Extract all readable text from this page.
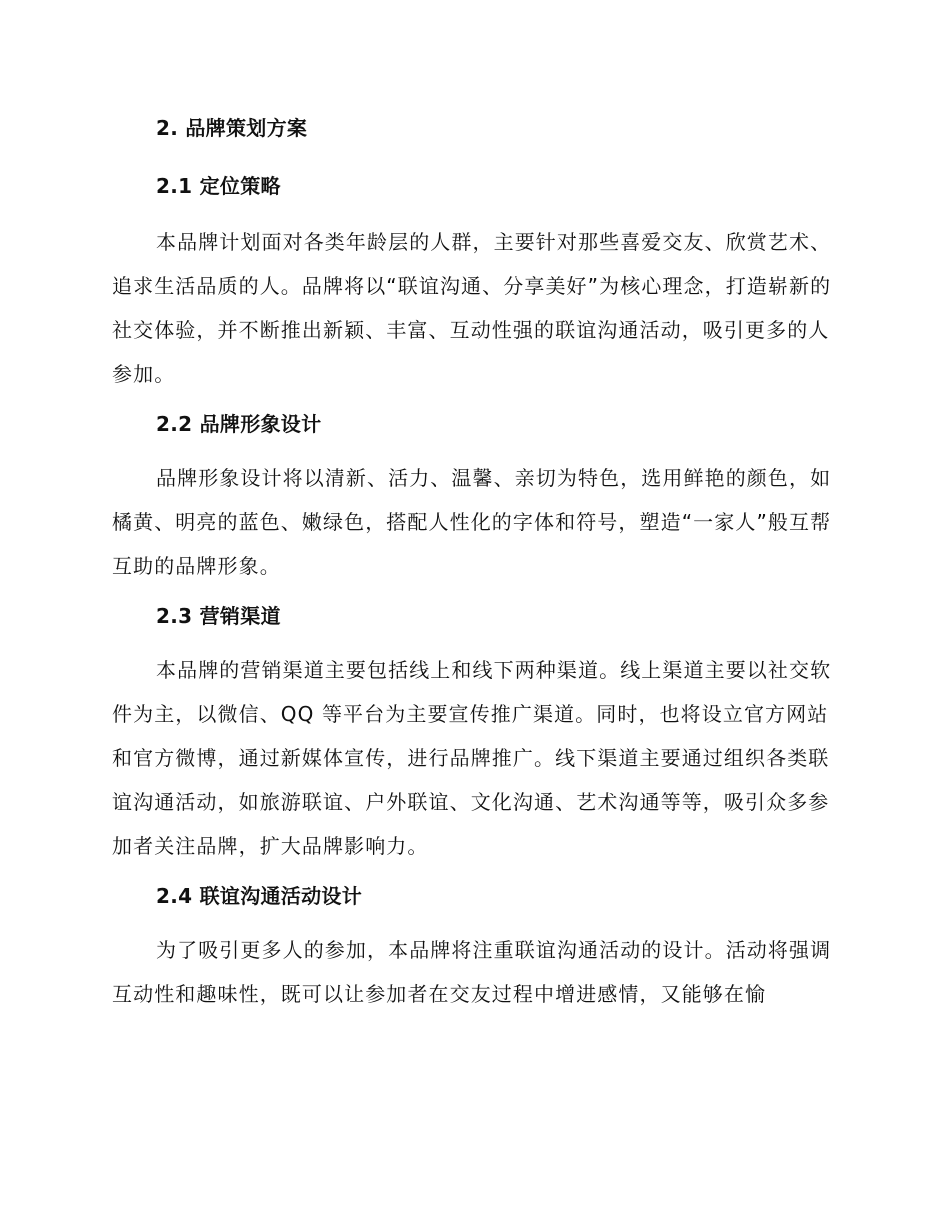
2. 品牌策划方案
2.1 定位策略

本品牌计划面对各类年龄层的人群，主要针对那些喜爱交友、欣赏艺术、追求生活品质的人。品牌将以“联谊沟通、分享美好”为核心理念，打造崭新的社交体验，并不断推出新颖、丰富、互动性强的联谊沟通活动，吸引更多的人参加。

2.2 品牌形象设计

品牌形象设计将以清新、活力、温馨、亲切为特色，选用鲜艳的颜色，如橘黄、明亮的蓝色、嫩绿色，搭配人性化的字体和符号，塑造“一家人”般互帮互助的品牌形象。

2.3 营销渠道

本品牌的营销渠道主要包括线上和线下两种渠道。线上渠道主要以社交软件为主，以微信、QQ 等平台为主要宣传推广渠道。同时，也将设立官方网站和官方微博，通过新媒体宣传，进行品牌推广。线下渠道主要通过组织各类联谊沟通活动，如旅游联谊、户外联谊、文化沟通、艺术沟通等等，吸引众多参加者关注品牌，扩大品牌影响力。

2.4 联谊沟通活动设计

为了吸引更多人的参加，本品牌将注重联谊沟通活动的设计。活动将强调互动性和趣味性，既可以让参加者在交友过程中增进感情，又能够在愉
